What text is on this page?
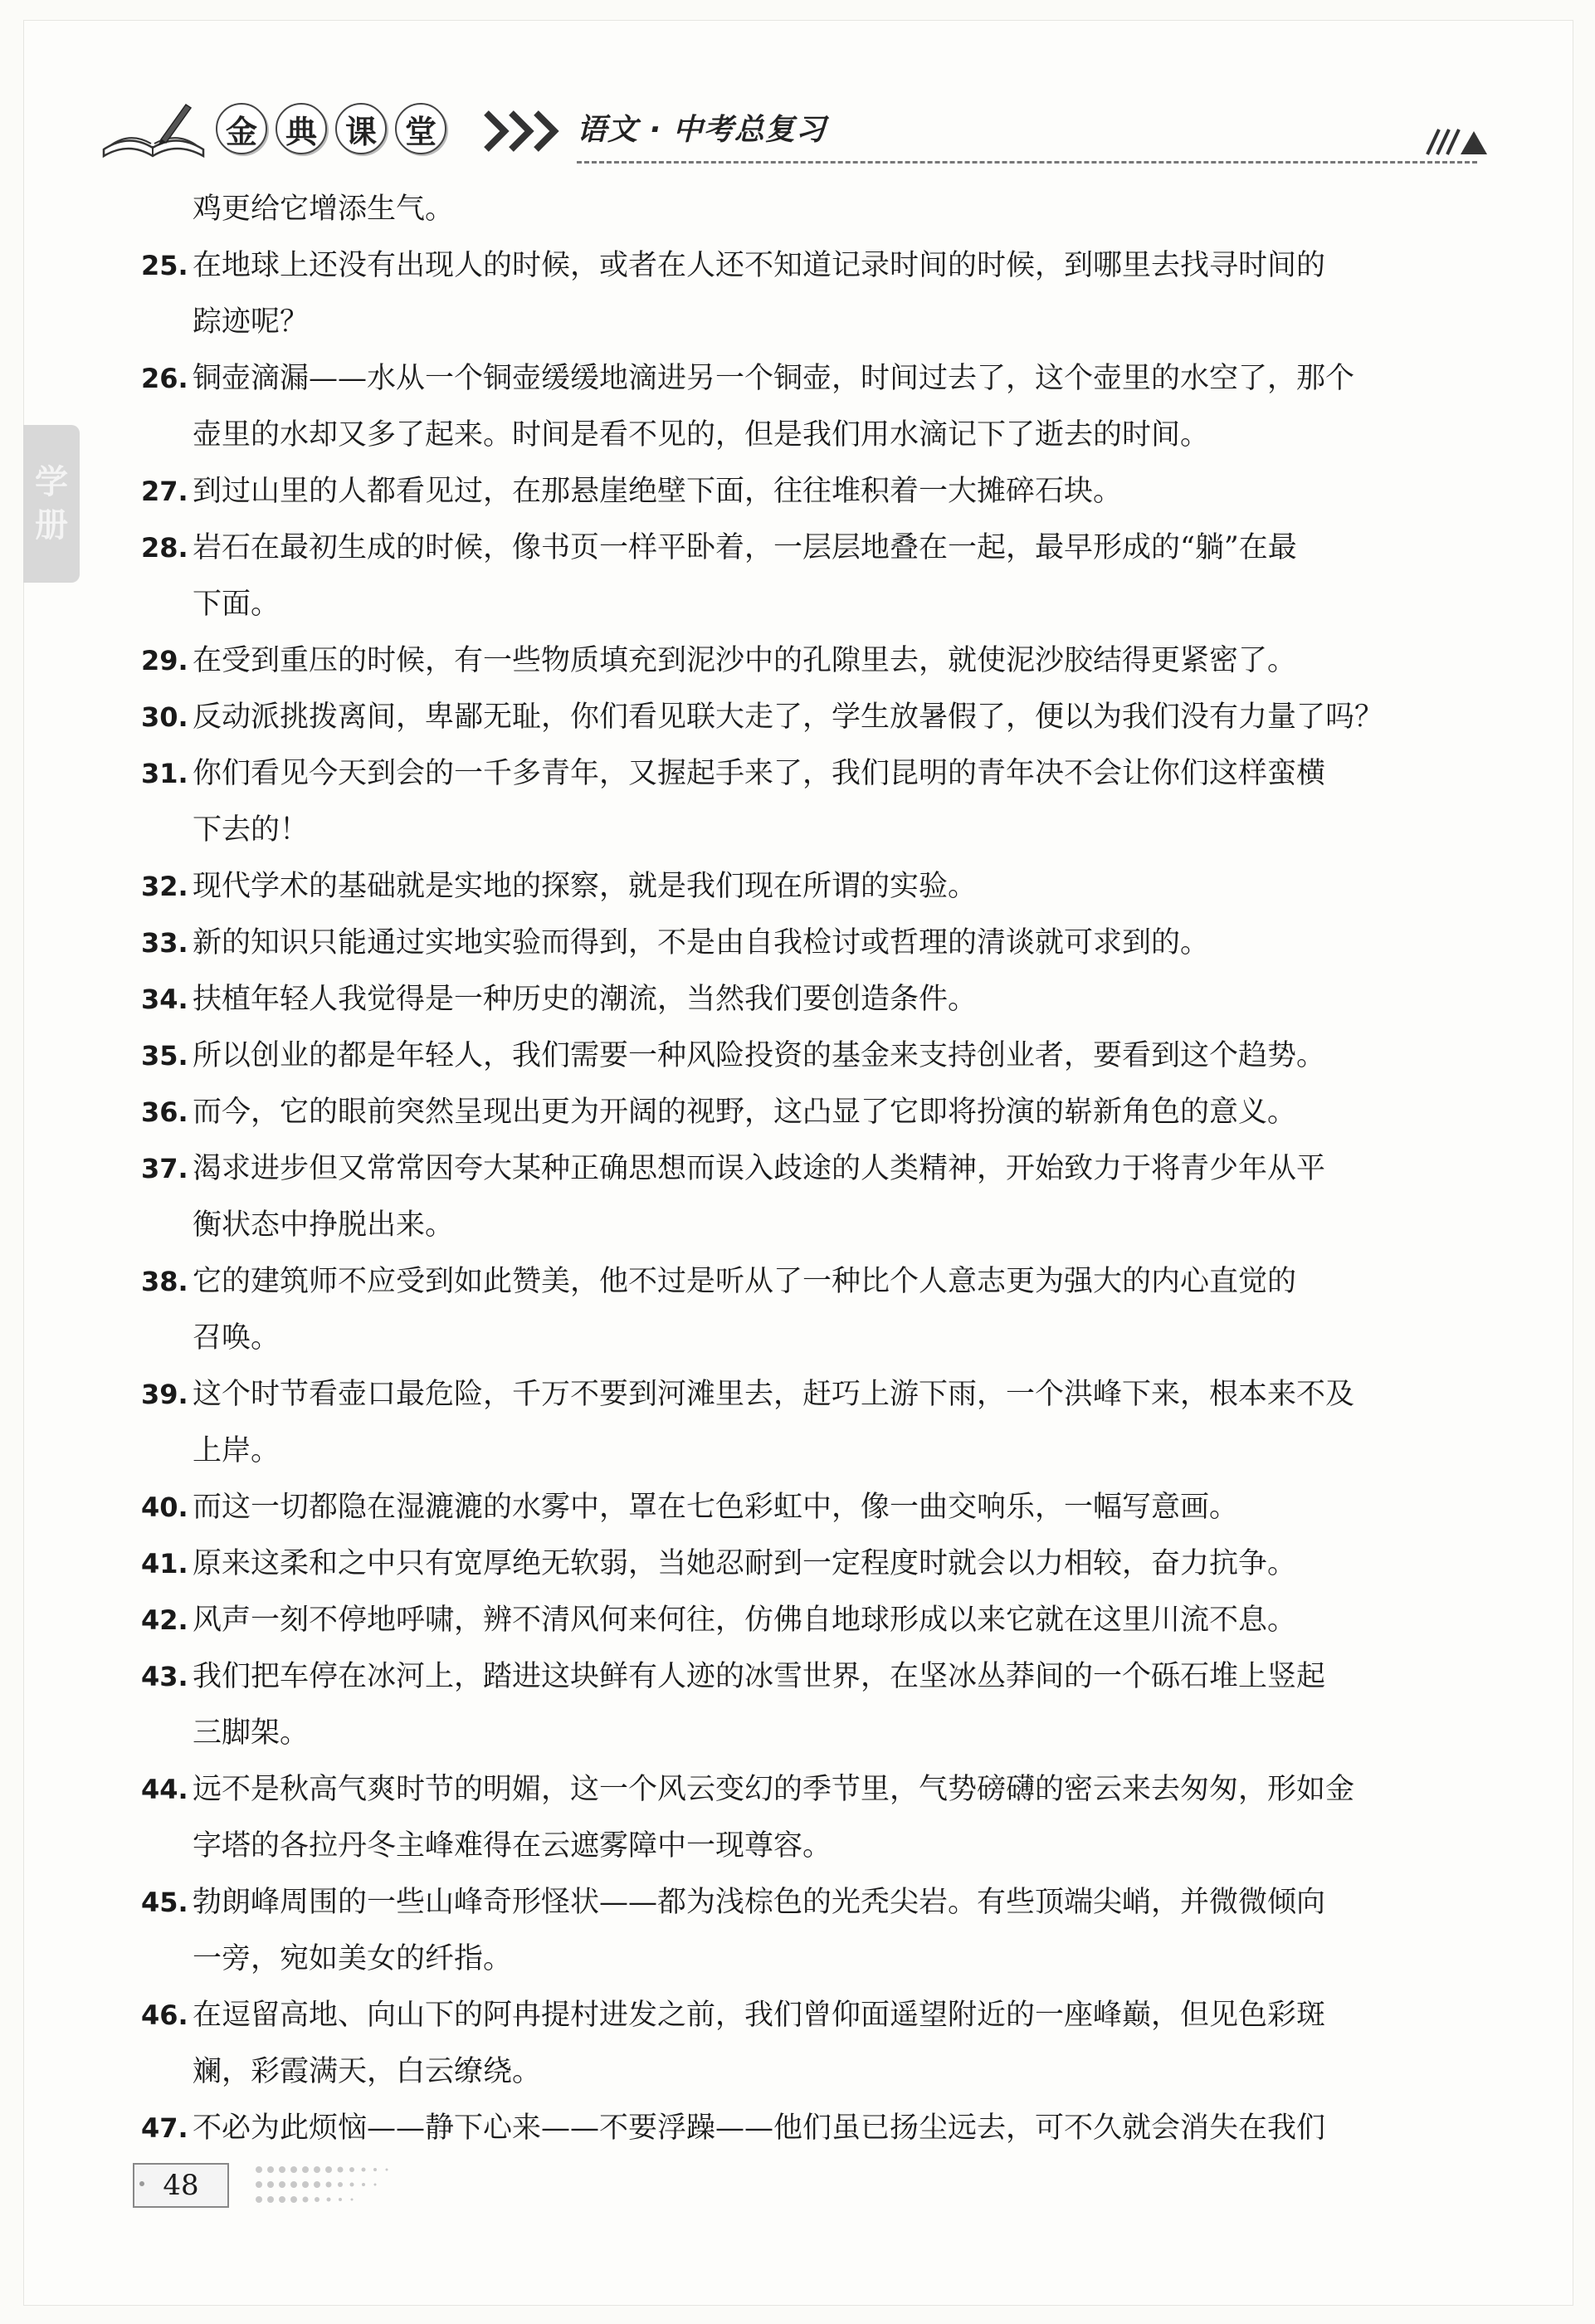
金 典 课 堂	语文 · 中考总复习
学
册
鸡更给它增添生气。
25. 在地球上还没有出现人的时候，或者在人还不知道记录时间的时候，到哪里去找寻时间的
踪迹呢？
26. 铜壶滴漏——水从一个铜壶缓缓地滴进另一个铜壶，时间过去了，这个壶里的水空了，那个
壶里的水却又多了起来。时间是看不见的，但是我们用水滴记下了逝去的时间。
27. 到过山里的人都看见过，在那悬崖绝壁下面，往往堆积着一大摊碎石块。
28. 岩石在最初生成的时候，像书页一样平卧着，一层层地叠在一起，最早形成的“躺”在最
下面。
29. 在受到重压的时候，有一些物质填充到泥沙中的孔隙里去，就使泥沙胶结得更紧密了。
30. 反动派挑拨离间，卑鄙无耻，你们看见联大走了，学生放暑假了，便以为我们没有力量了吗？
31. 你们看见今天到会的一千多青年，又握起手来了，我们昆明的青年决不会让你们这样蛮横
下去的！
32. 现代学术的基础就是实地的探察，就是我们现在所谓的实验。
33. 新的知识只能通过实地实验而得到，不是由自我检讨或哲理的清谈就可求到的。
34. 扶植年轻人我觉得是一种历史的潮流，当然我们要创造条件。
35. 所以创业的都是年轻人，我们需要一种风险投资的基金来支持创业者，要看到这个趋势。
36. 而今，它的眼前突然呈现出更为开阔的视野，这凸显了它即将扮演的崭新角色的意义。
37. 渴求进步但又常常因夸大某种正确思想而误入歧途的人类精神，开始致力于将青少年从平
衡状态中挣脱出来。
38. 它的建筑师不应受到如此赞美，他不过是听从了一种比个人意志更为强大的内心直觉的
召唤。
39. 这个时节看壶口最危险，千万不要到河滩里去，赶巧上游下雨，一个洪峰下来，根本来不及
上岸。
40. 而这一切都隐在湿漉漉的水雾中，罩在七色彩虹中，像一曲交响乐，一幅写意画。
41. 原来这柔和之中只有宽厚绝无软弱，当她忍耐到一定程度时就会以力相较，奋力抗争。
42. 风声一刻不停地呼啸，辨不清风何来何往，仿佛自地球形成以来它就在这里川流不息。
43. 我们把车停在冰河上，踏进这块鲜有人迹的冰雪世界，在坚冰丛莽间的一个砾石堆上竖起
三脚架。
44. 远不是秋高气爽时节的明媚，这一个风云变幻的季节里，气势磅礴的密云来去匆匆，形如金
字塔的各拉丹冬主峰难得在云遮雾障中一现尊容。
45. 勃朗峰周围的一些山峰奇形怪状——都为浅棕色的光秃尖岩。有些顶端尖峭，并微微倾向
一旁，宛如美女的纤指。
46. 在逗留高地、向山下的阿冉提村进发之前，我们曾仰面遥望附近的一座峰巅，但见色彩斑
斓，彩霞满天，白云缭绕。
47. 不必为此烦恼——静下心来——不要浮躁——他们虽已扬尘远去，可不久就会消失在我们
48
